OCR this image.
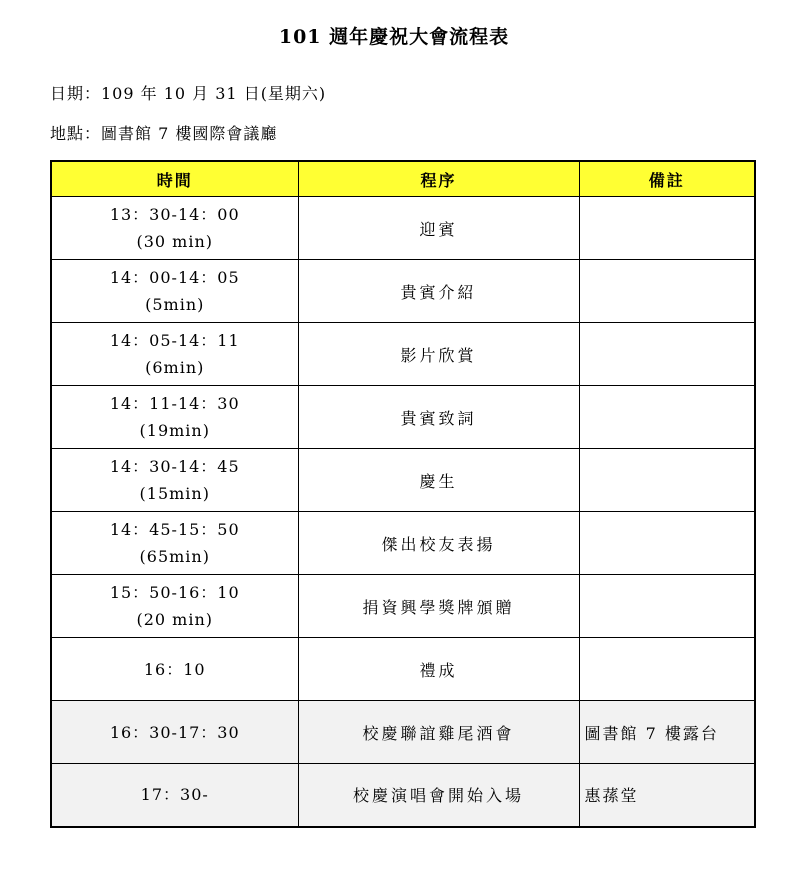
101 週年慶祝大會流程表
日期：109 年 10 月 31 日(星期六)
地點：圖書館 7 樓國際會議廳
時間	程序	備註

13：30-14：00
(30 min)	迎賓	

14：00-14：05
(5min)	貴賓介紹	

14：05-14：11
(6min)	影片欣賞	

14：11-14：30
(19min)	貴賓致詞	

14：30-14：45
(15min)	慶生	

14：45-15：50
(65min)	傑出校友表揚	

15：50-16：10
(20 min)	捐資興學獎牌頒贈	

16：10	禮成	

16：30-17：30	校慶聯誼雞尾酒會	圖書館 7 樓露台

17：30-	校慶演唱會開始入場	惠蓀堂
